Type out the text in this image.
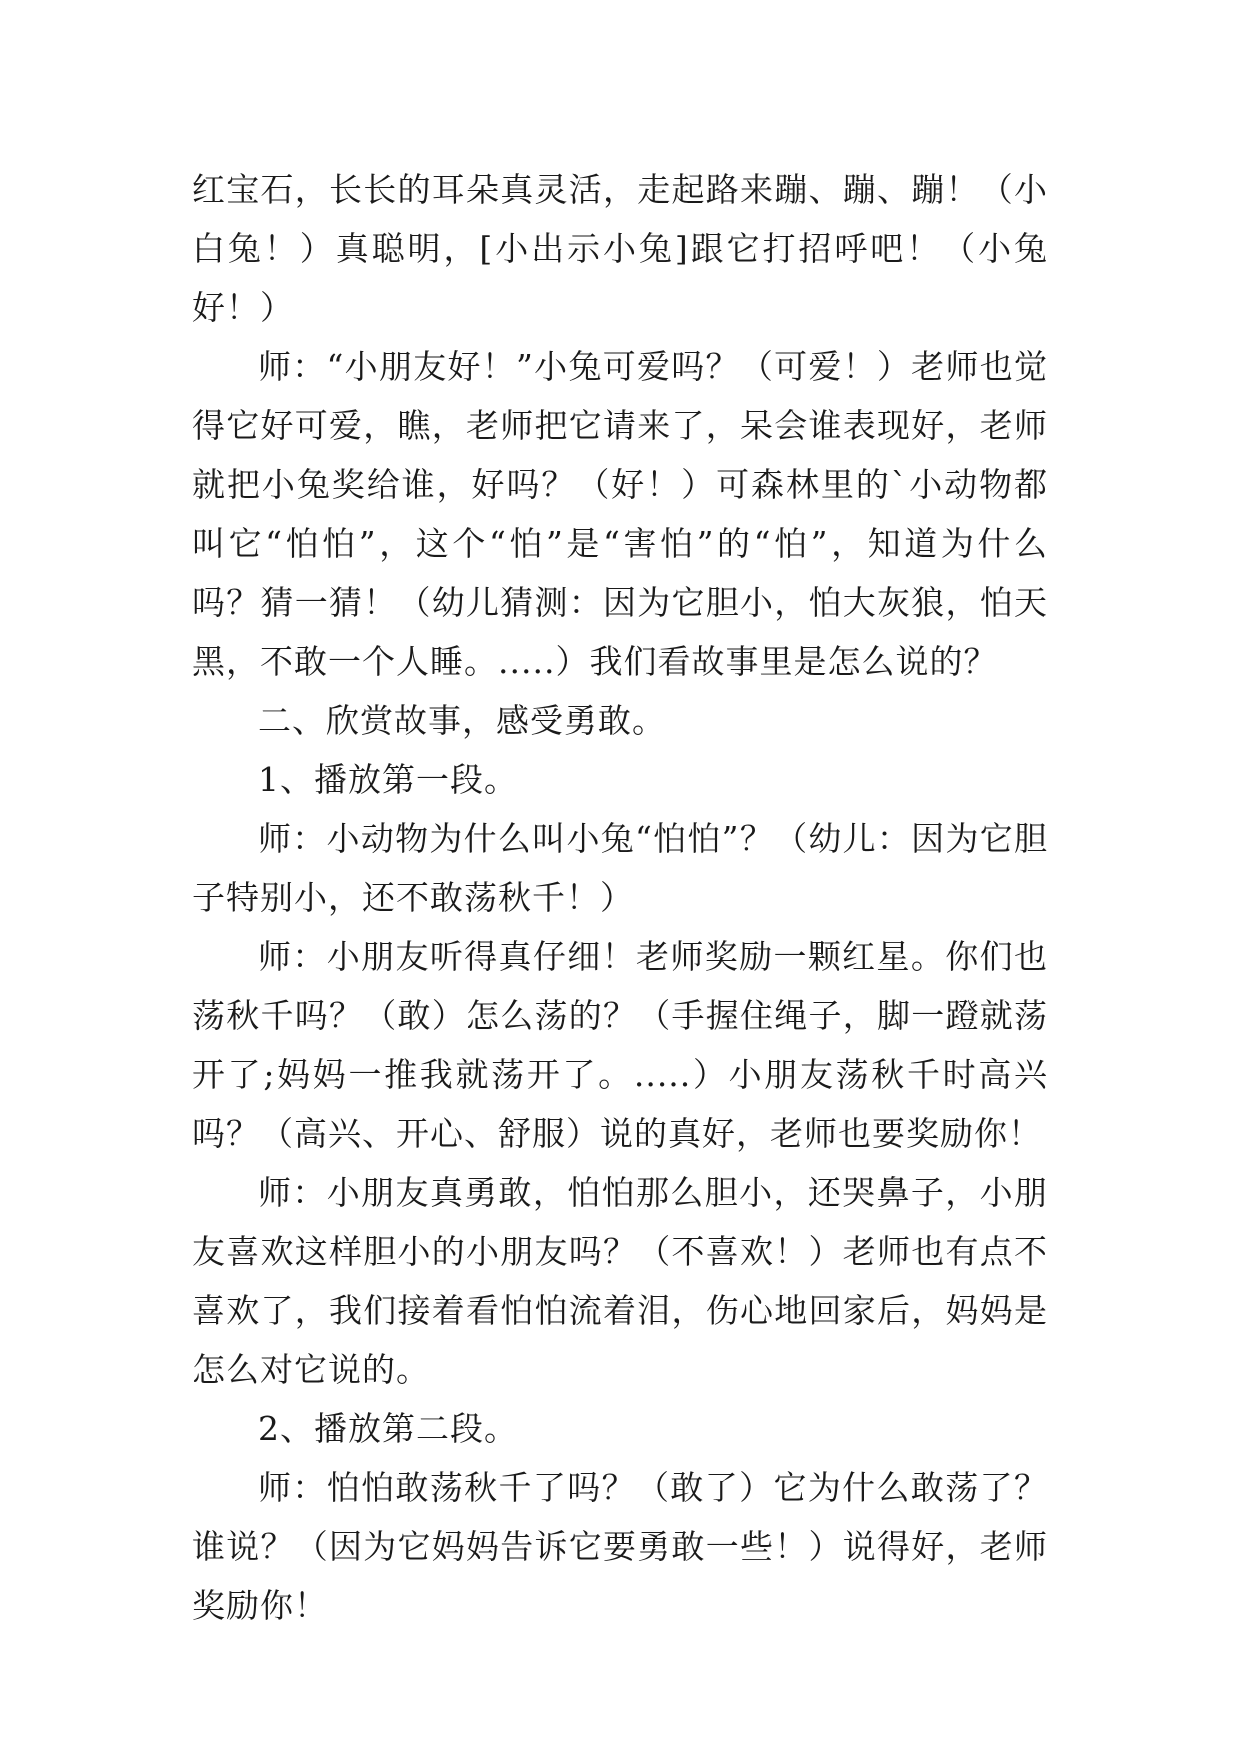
红宝石，长长的耳朵真灵活，走起路来蹦、蹦、蹦！（小白兔！）真聪明，[小出示小兔]跟它打招呼吧！（小兔好！）

师：“小朋友好！”小兔可爱吗？（可爱！）老师也觉得它好可爱，瞧，老师把它请来了，呆会谁表现好，老师就把小兔奖给谁，好吗？（好！）可森林里的`小动物都叫它“怕怕”，这个“怕”是“害怕”的“怕”，知道为什么吗？猜一猜！（幼儿猜测：因为它胆小，怕大灰狼，怕天黑，不敢一个人睡。.....）我们看故事里是怎么说的？

二、欣赏故事，感受勇敢。

1、播放第一段。

师：小动物为什么叫小兔“怕怕”？（幼儿：因为它胆子特别小，还不敢荡秋千！）

师：小朋友听得真仔细！老师奖励一颗红星。你们也荡秋千吗？（敢）怎么荡的？（手握住绳子，脚一蹬就荡开了;妈妈一推我就荡开了。.....）小朋友荡秋千时高兴吗？（高兴、开心、舒服）说的真好，老师也要奖励你！

师：小朋友真勇敢，怕怕那么胆小，还哭鼻子，小朋友喜欢这样胆小的小朋友吗？（不喜欢！）老师也有点不喜欢了，我们接着看怕怕流着泪，伤心地回家后，妈妈是怎么对它说的。

2、播放第二段。

师：怕怕敢荡秋千了吗？（敢了）它为什么敢荡了？谁说？（因为它妈妈告诉它要勇敢一些！）说得好，老师奖励你！
